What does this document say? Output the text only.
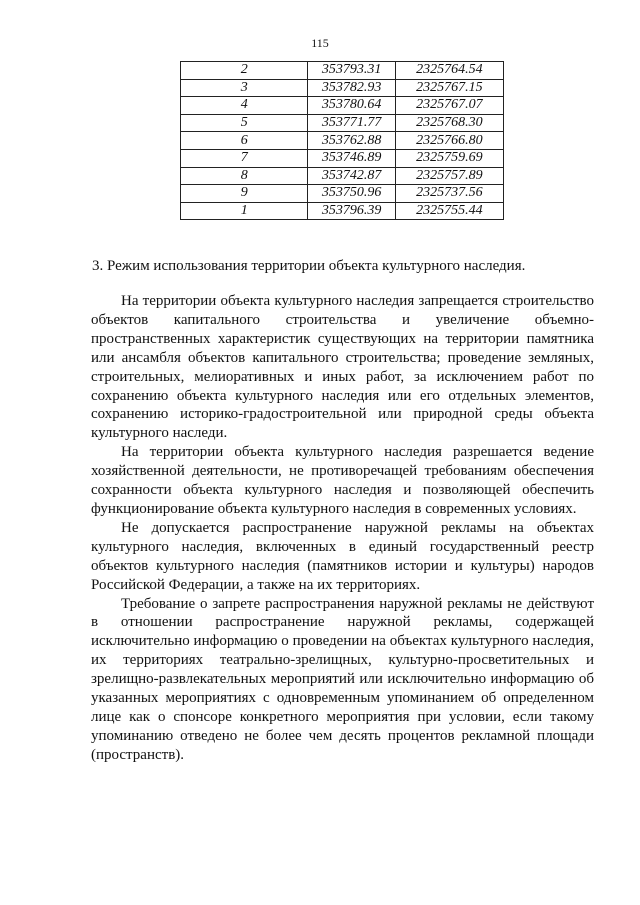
115
2	353793.31	2325764.54
3	353782.93	2325767.15
4	353780.64	2325767.07
5	353771.77	2325768.30
6	353762.88	2325766.80
7	353746.89	2325759.69
8	353742.87	2325757.89
9	353750.96	2325737.56
1	353796.39	2325755.44
3. Режим использования территории объекта культурного наследия.

На территории объекта культурного наследия запрещается строительство объектов капитального строительства и увеличение объемно-пространственных характеристик существующих на территории памятника или ансамбля объектов капитального строительства; проведение земляных, строительных, мелиоративных и иных работ, за исключением работ по сохранению объекта культурного наследия или его отдельных элементов, сохранению историко-градостроительной или природной среды объекта культурного наследи.

На территории объекта культурного наследия разрешается ведение хозяйственной деятельности, не противоречащей требованиям обеспечения сохранности объекта культурного наследия и позволяющей обеспечить функционирование объекта культурного наследия в современных условиях.

Не допускается распространение наружной рекламы на объектах культурного наследия, включенных в единый государственный реестр объектов культурного наследия (памятников истории и культуры) народов Российской Федерации, а также на их территориях.

Требование о запрете распространения наружной рекламы не действуют в отношении распространение наружной рекламы, содержащей исключительно информацию о проведении на объектах культурного наследия, их территориях театрально-зрелищных, культурно-просветительных и зрелищно-развлекательных мероприятий или исключительно информацию об указанных мероприятиях с одновременным упоминанием об определенном лице как о спонсоре конкретного мероприятия при условии, если такому упоминанию отведено не более чем десять процентов рекламной площади (пространств).
